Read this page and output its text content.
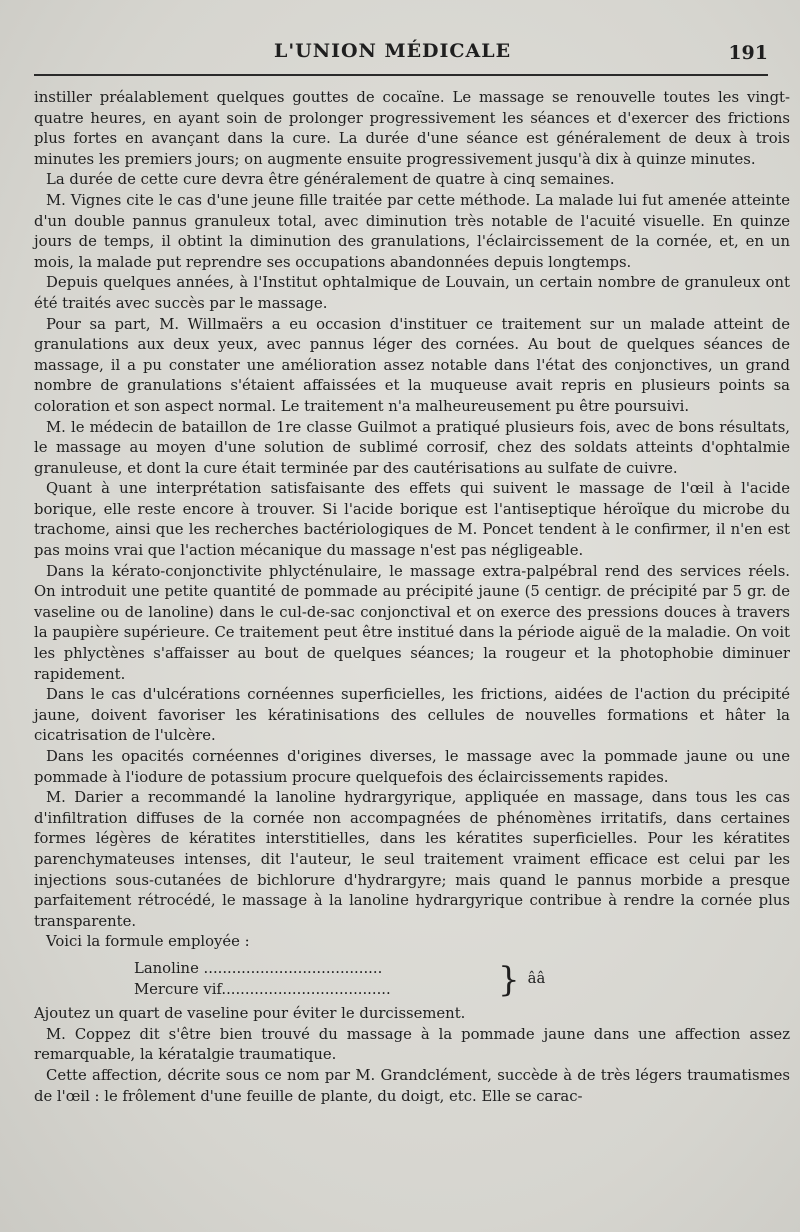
L'UNION MÉDICALE	191

instiller préalablement quelques gouttes de cocaïne. Le massage se renouvelle toutes les vingt-quatre heures, en ayant soin de prolonger progressivement les séances et d'exercer des frictions plus fortes en avançant dans la cure. La durée d'une séance est généralement de deux à trois minutes les premiers jours; on augmente ensuite progressivement jusqu'à dix à quinze minutes.

La durée de cette cure devra être généralement de quatre à cinq semaines.

M. Vignes cite le cas d'une jeune fille traitée par cette méthode. La malade lui fut amenée atteinte d'un double pannus granuleux total, avec diminution très notable de l'acuité visuelle. En quinze jours de temps, il obtint la diminution des granulations, l'éclaircissement de la cornée, et, en un mois, la malade put reprendre ses occupations abandonnées depuis longtemps.

Depuis quelques années, à l'Institut ophtalmique de Louvain, un certain nombre de granuleux ont été traités avec succès par le massage.

Pour sa part, M. Willmaërs a eu occasion d'instituer ce traitement sur un malade atteint de granulations aux deux yeux, avec pannus léger des cornées. Au bout de quelques séances de massage, il a pu constater une amélioration assez notable dans l'état des conjonctives, un grand nombre de granulations s'étaient affaissées et la muqueuse avait repris en plusieurs points sa coloration et son aspect normal. Le traitement n'a malheureusement pu être poursuivi.

M. le médecin de bataillon de 1re classe Guilmot a pratiqué plusieurs fois, avec de bons résultats, le massage au moyen d'une solution de sublimé corrosif, chez des soldats atteints d'ophtalmie granuleuse, et dont la cure était terminée par des cautérisations au sulfate de cuivre.

Quant à une interprétation satisfaisante des effets qui suivent le massage de l'œil à l'acide borique, elle reste encore à trouver. Si l'acide borique est l'antiseptique héroïque du microbe du trachome, ainsi que les recherches bactériologiques de M. Poncet tendent à le confirmer, il n'en est pas moins vrai que l'action mécanique du massage n'est pas négligeable.

Dans la kérato-conjonctivite phlycténulaire, le massage extra-palpébral rend des services réels. On introduit une petite quantité de pommade au précipité jaune (5 centigr. de précipité par 5 gr. de vaseline ou de lanoline) dans le cul-de-sac conjonctival et on exerce des pressions douces à travers la paupière supérieure. Ce traitement peut être institué dans la période aiguë de la maladie. On voit les phlyctènes s'affaisser au bout de quelques séances; la rougeur et la photophobie diminuer rapidement.

Dans le cas d'ulcérations cornéennes superficielles, les frictions, aidées de l'action du précipité jaune, doivent favoriser les kératinisations des cellules de nouvelles formations et hâter la cicatrisation de l'ulcère.

Dans les opacités cornéennes d'origines diverses, le massage avec la pommade jaune ou une pommade à l'iodure de potassium procure quelquefois des éclaircissements rapides.

M. Darier a recommandé la lanoline hydrargyrique, appliquée en massage, dans tous les cas d'infiltration diffuses de la cornée non accompagnées de phénomènes irritatifs, dans certaines formes légères de kératites interstitielles, dans les kératites superficielles. Pour les kératites parenchymateuses intenses, dit l'auteur, le seul traitement vraiment efficace est celui par les injections sous-cutanées de bichlorure d'hydrargyre; mais quand le pannus morbide a presque parfaitement rétrocédé, le massage à la lanoline hydrargyrique contribue à rendre la cornée plus transparente.

Voici la formule employée :

Lanoline ......................................
Mercure vif....................................	} ââ

Ajoutez un quart de vaseline pour éviter le durcissement.

M. Coppez dit s'être bien trouvé du massage à la pommade jaune dans une affection assez remarquable, la kératalgie traumatique.

Cette affection, décrite sous ce nom par M. Grandclément, succède à de très légers traumatismes de l'œil : le frôlement d'une feuille de plante, du doigt, etc. Elle se carac-
